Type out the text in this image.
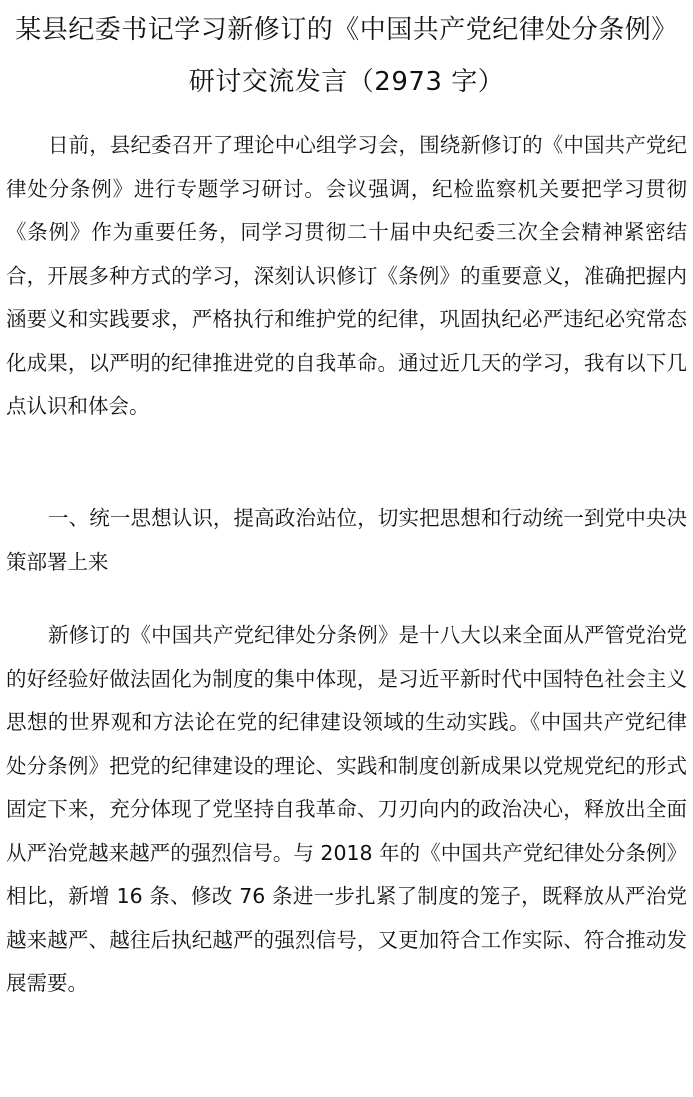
某县纪委书记学习新修订的《中国共产党纪律处分条例》研讨交流发言（2973 字）

日前，县纪委召开了理论中心组学习会，围绕新修订的《中国共产党纪律处分条例》进行专题学习研讨。会议强调，纪检监察机关要把学习贯彻《条例》作为重要任务，同学习贯彻二十届中央纪委三次全会精神紧密结合，开展多种方式的学习，深刻认识修订《条例》的重要意义，准确把握内涵要义和实践要求，严格执行和维护党的纪律，巩固执纪必严违纪必究常态化成果，以严明的纪律推进党的自我革命。通过近几天的学习，我有以下几点认识和体会。

一、统一思想认识，提高政治站位，切实把思想和行动统一到党中央决策部署上来

新修订的《中国共产党纪律处分条例》是十八大以来全面从严管党治党的好经验好做法固化为制度的集中体现，是习近平新时代中国特色社会主义思想的世界观和方法论在党的纪律建设领域的生动实践。《中国共产党纪律处分条例》把党的纪律建设的理论、实践和制度创新成果以党规党纪的形式固定下来，充分体现了党坚持自我革命、刀刃向内的政治决心，释放出全面从严治党越来越严的强烈信号。与 2018 年的《中国共产党纪律处分条例》相比，新增 16 条、修改 76 条进一步扎紧了制度的笼子，既释放从严治党越来越严、越往后执纪越严的强烈信号，又更加符合工作实际、符合推动发展需要。
